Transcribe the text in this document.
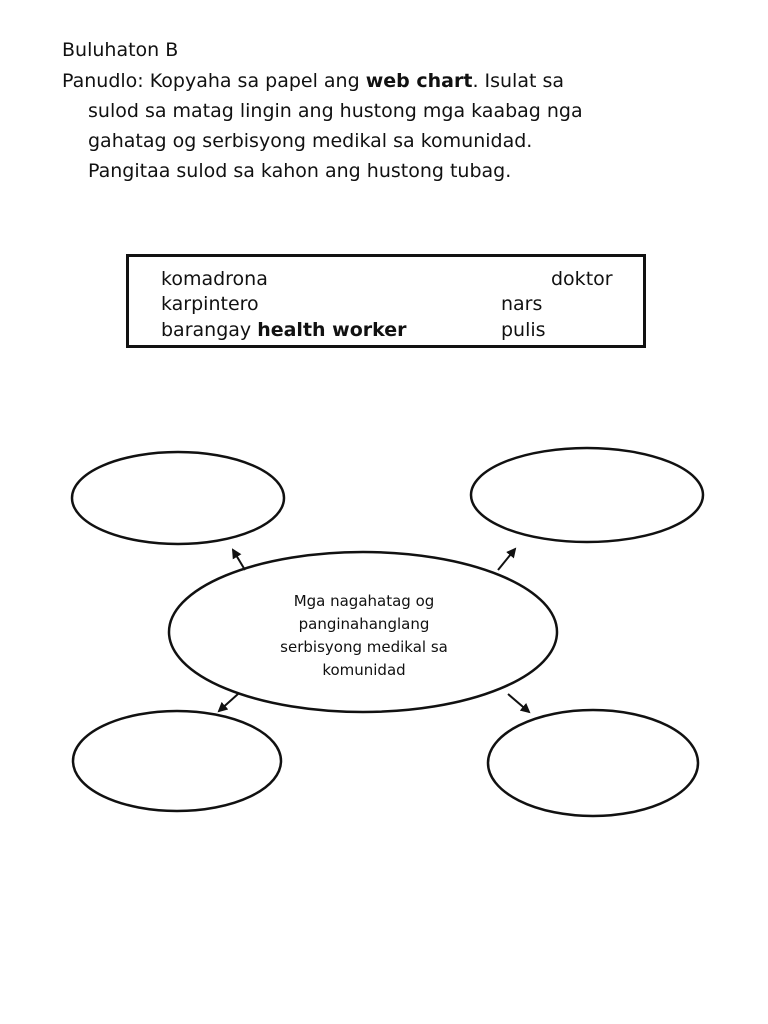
Buluhaton B
Panudlo: Kopyaha sa papel ang web chart. Isulat sa
sulod sa matag lingin ang hustong mga kaabag nga
gahatag og serbisyong medikal sa komunidad.
Pangitaa sulod sa kahon ang hustong tubag.
komadrona	doktor
karpintero	nars
barangay health worker	pulis
Mga nagahatag og
panginahanglang
serbisyong medikal sa
komunidad
